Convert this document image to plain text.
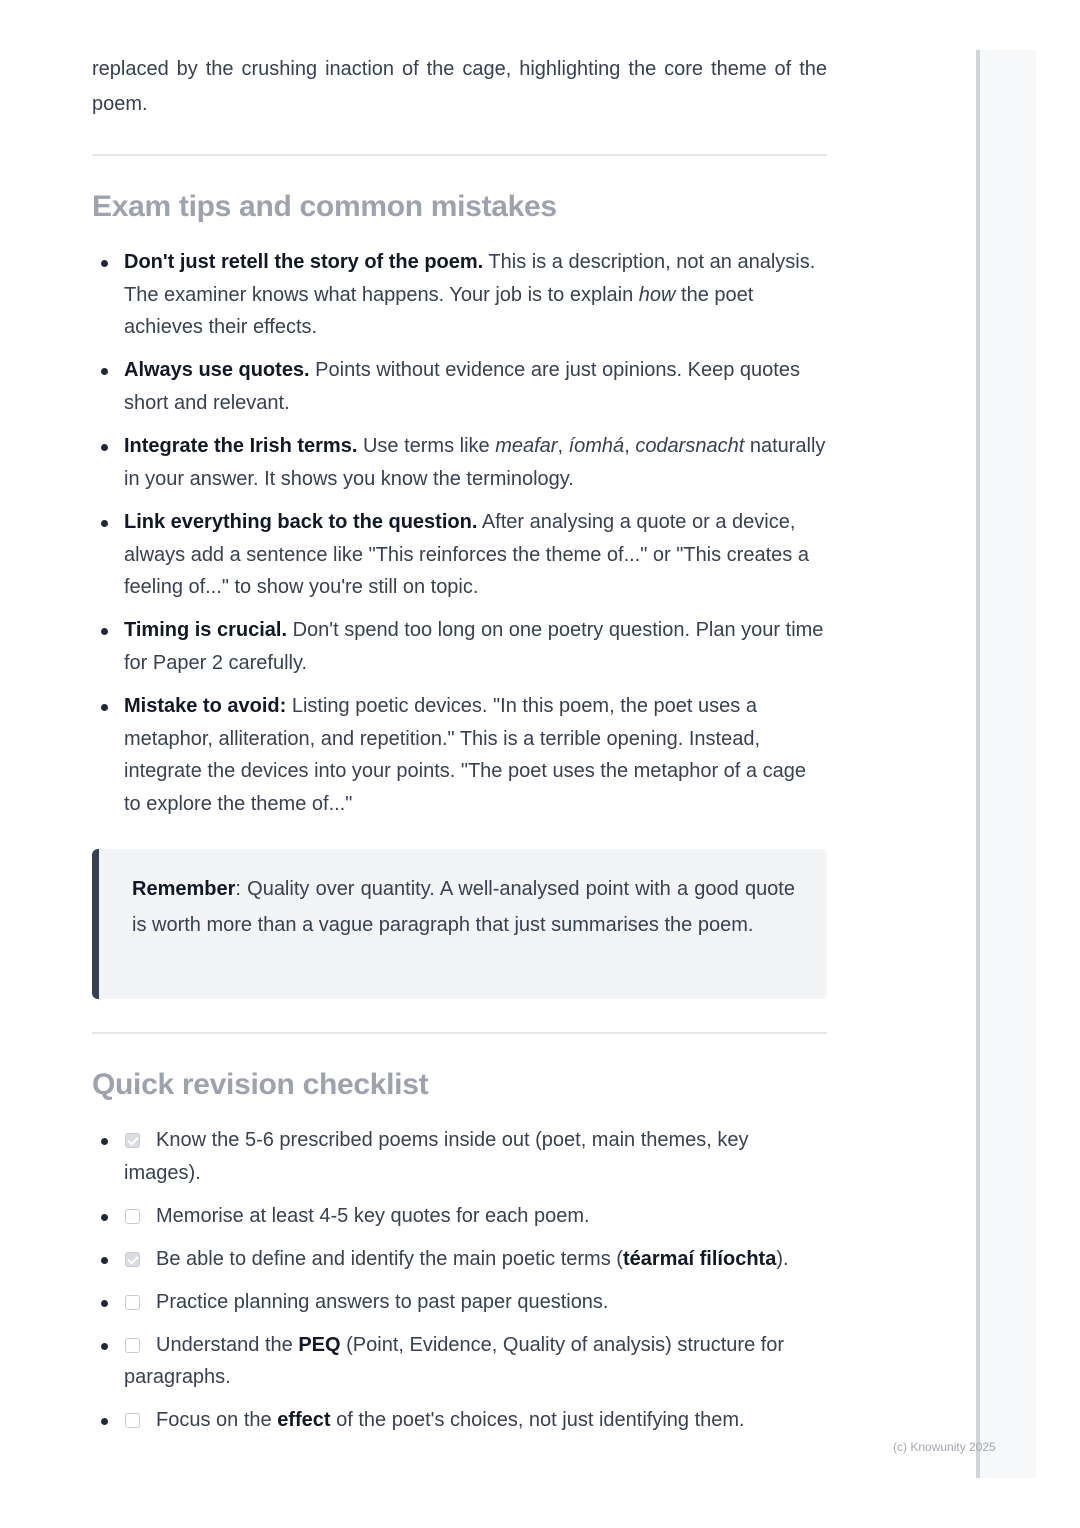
replaced by the crushing inaction of the cage, highlighting the core theme of the poem.

Exam tips and common mistakes
Don't just retell the story of the poem. This is a description, not an analysis. The examiner knows what happens. Your job is to explain how the poet achieves their effects.
Always use quotes. Points without evidence are just opinions. Keep quotes short and relevant.
Integrate the Irish terms. Use terms like meafar, íomhá, codarsnacht naturally in your answer. It shows you know the terminology.
Link everything back to the question. After analysing a quote or a device, always add a sentence like "This reinforces the theme of..." or "This creates a feeling of..." to show you're still on topic.
Timing is crucial. Don't spend too long on one poetry question. Plan your time for Paper 2 carefully.
Mistake to avoid: Listing poetic devices. "In this poem, the poet uses a metaphor, alliteration, and repetition." This is a terrible opening. Instead, integrate the devices into your points. "The poet uses the metaphor of a cage to explore the theme of..."

Remember: Quality over quantity. A well-analysed point with a good quote is worth more than a vague paragraph that just summarises the poem.

Quick revision checklist
Know the 5-6 prescribed poems inside out (poet, main themes, key images).
Memorise at least 4-5 key quotes for each poem.
Be able to define and identify the main poetic terms (téarmaí filíochta).
Practice planning answers to past paper questions.
Understand the PEQ (Point, Evidence, Quality of analysis) structure for paragraphs.
Focus on the effect of the poet's choices, not just identifying them.
(c) Knowunity 2025
